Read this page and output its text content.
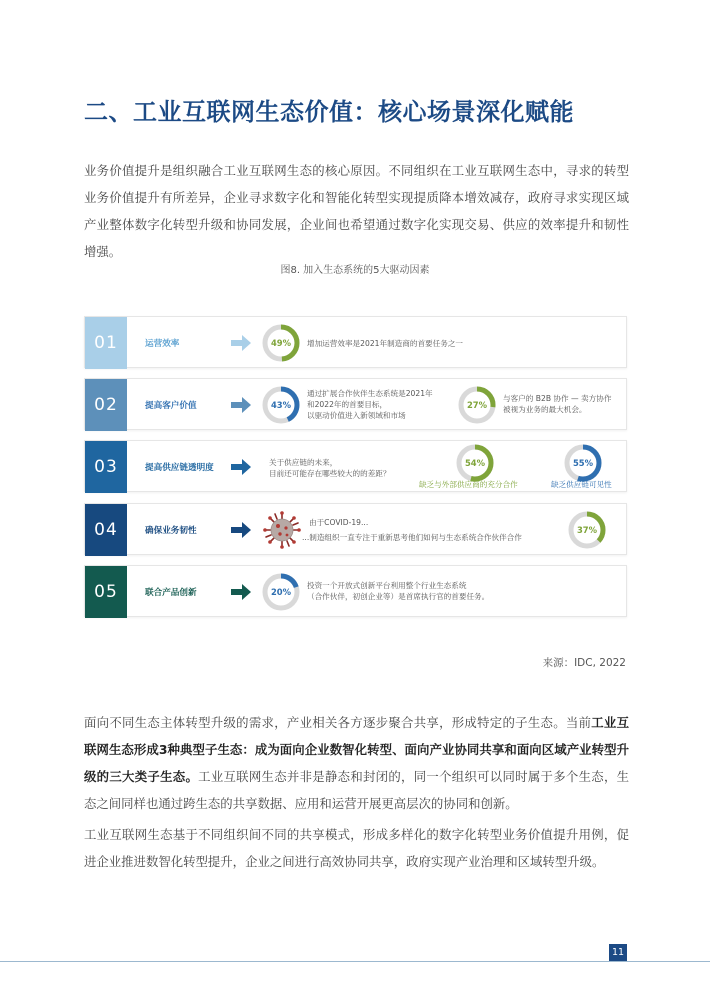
二、工业互联网生态价值：核心场景深化赋能
业务价值提升是组织融合工业互联网生态的核心原因。不同组织在工业互联网生态中，寻求的转型业务价值提升有所差异，企业寻求数字化和智能化转型实现提质降本增效减存，政府寻求实现区域产业整体数字化转型升级和协同发展，企业间也希望通过数字化实现交易、供应的效率提升和韧性增强。
图8. 加入生态系统的5大驱动因素
01	运营效率	49%	增加运营效率是2021年制造商的首要任务之一
02	提高客户价值	43%
通过扩展合作伙伴生态系统是2021年
和2022年的首要目标，
以驱动价值进入新领域和市场
27%
与客户的 B2B 协作 — 卖方协作
被视为业务的最大机会。
03	提高供应链透明度
关于供应链的未来，
目前还可能存在哪些较大的的差距？
54%
缺乏与外部供应商的充分合作
55%
缺乏供应链可见性
04	确保业务韧性
由于COVID-19...
...制造组织一直专注于重新思考他们如何与生态系统合作伙伴合作
37%
05	联合产品创新	20%
投资一个开放式创新平台利用整个行业生态系统
（合作伙伴，初创企业等）是首席执行官的首要任务。
来源：IDC, 2022
面向不同生态主体转型升级的需求，产业相关各方逐步聚合共享，形成特定的子生态。当前工业互联网生态形成3种典型子生态：成为面向企业数智化转型、面向产业协同共享和面向区域产业转型升级的三大类子生态。工业互联网生态并非是静态和封闭的，同一个组织可以同时属于多个生态，生态之间同样也通过跨生态的共享数据、应用和运营开展更高层次的协同和创新。
工业互联网生态基于不同组织间不同的共享模式，形成多样化的数字化转型业务价值提升用例，促进企业推进数智化转型提升，企业之间进行高效协同共享，政府实现产业治理和区域转型升级。
11
